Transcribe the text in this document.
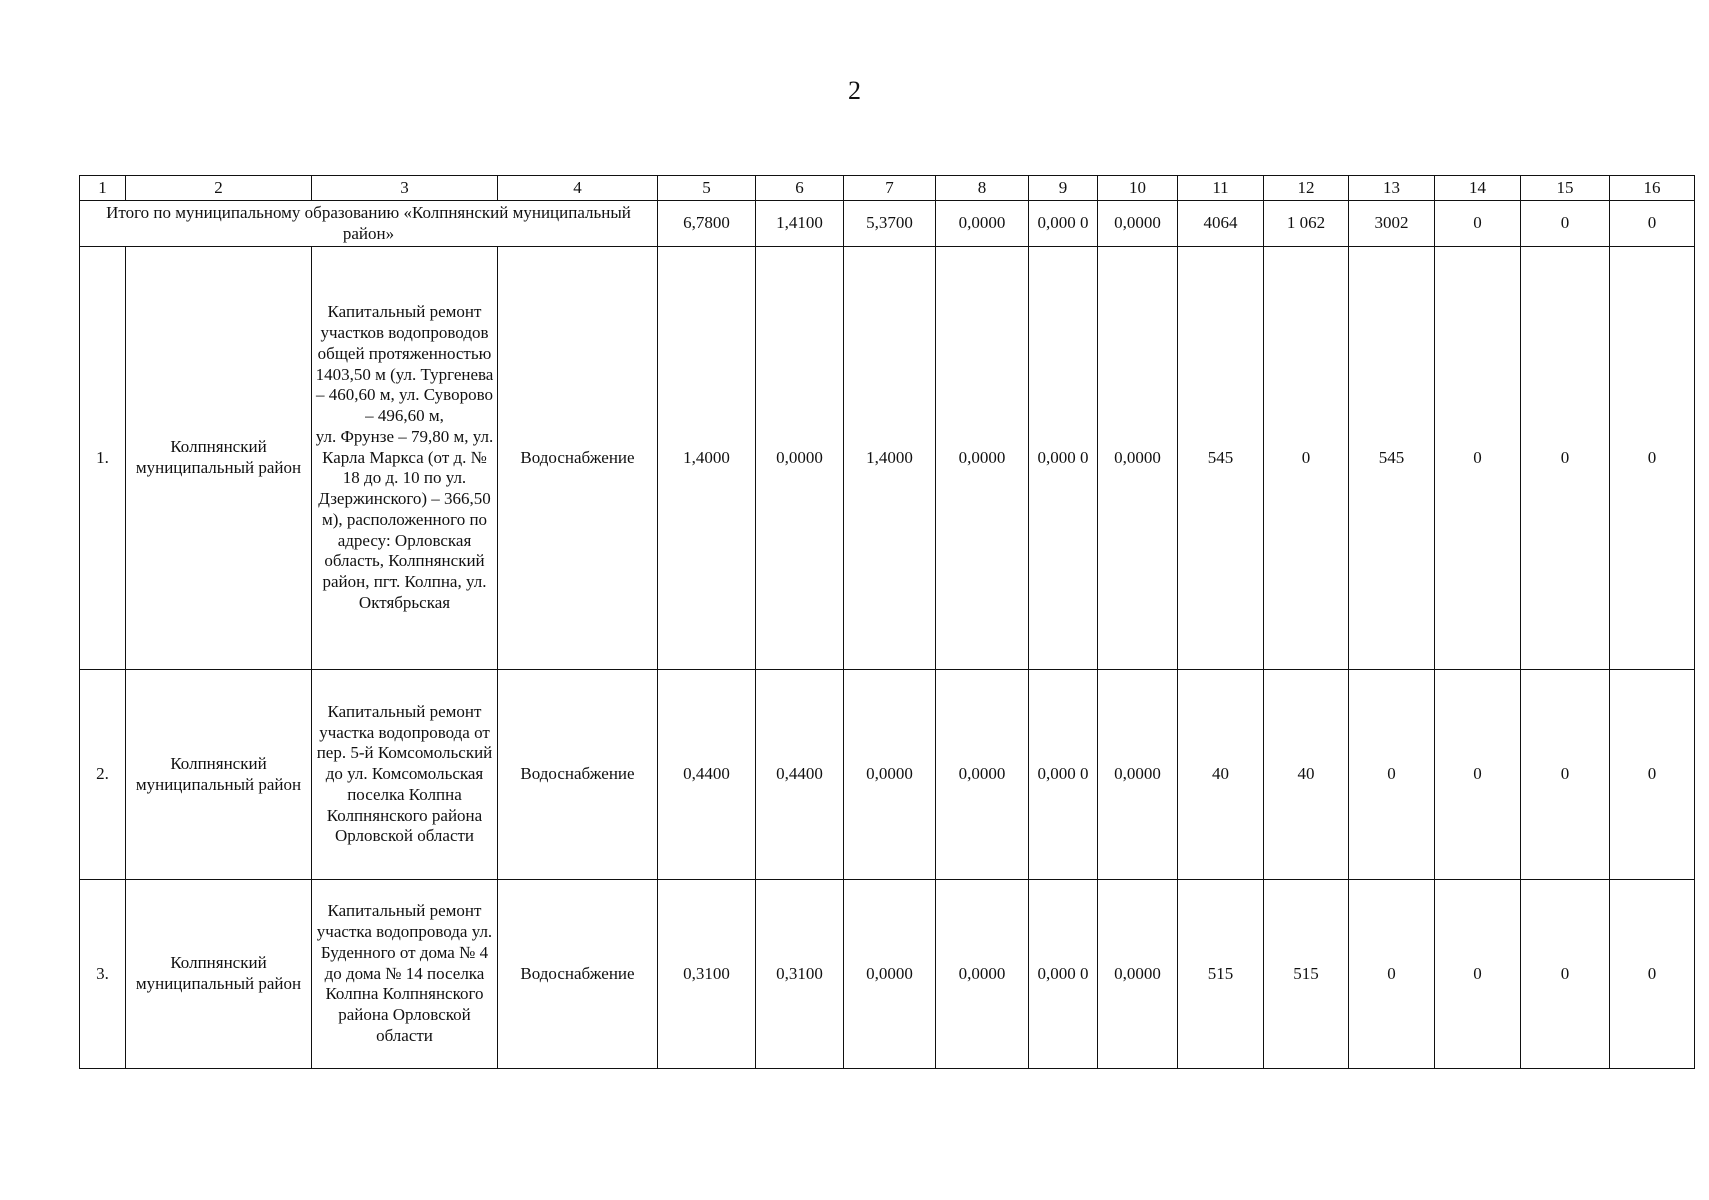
2
1	2	3	4	5	6	7	8	9	10	11	12	13	14	15	16
Итого по муниципальному образованию «Колпнянский муниципальный район»				6,7800	1,4100	5,3700	0,0000	0,000 0	0,0000	4064	1 062	3002	0	0	0
1.	Колпнянский муниципальный район	Капитальный ремонт участков водопроводов общей протяженностью 1403,50 м (ул. Тургенева – 460,60 м, ул. Суворово – 496,60 м,
ул. Фрунзе – 79,80 м, ул. Карла Маркса (от д. № 18 до д. 10 по ул. Дзержинского) – 366,50 м), расположенного по адресу: Орловская область, Колпнянский район, пгт. Колпна, ул. Октябрьская	Водоснабжение	1,4000	0,0000	1,4000	0,0000	0,000 0	0,0000	545	0	545	0	0	0
2.	Колпнянский муниципальный район	Капитальный ремонт участка водопровода от пер. 5-й Комсомольский до ул. Комсомольская поселка Колпна Колпнянского района Орловской области	Водоснабжение	0,4400	0,4400	0,0000	0,0000	0,000 0	0,0000	40	40	0	0	0	0
3.	Колпнянский муниципальный район	Капитальный ремонт участка водопровода ул. Буденного от дома № 4 до дома № 14 поселка Колпна Колпнянского района Орловской области	Водоснабжение	0,3100	0,3100	0,0000	0,0000	0,000 0	0,0000	515	515	0	0	0	0
